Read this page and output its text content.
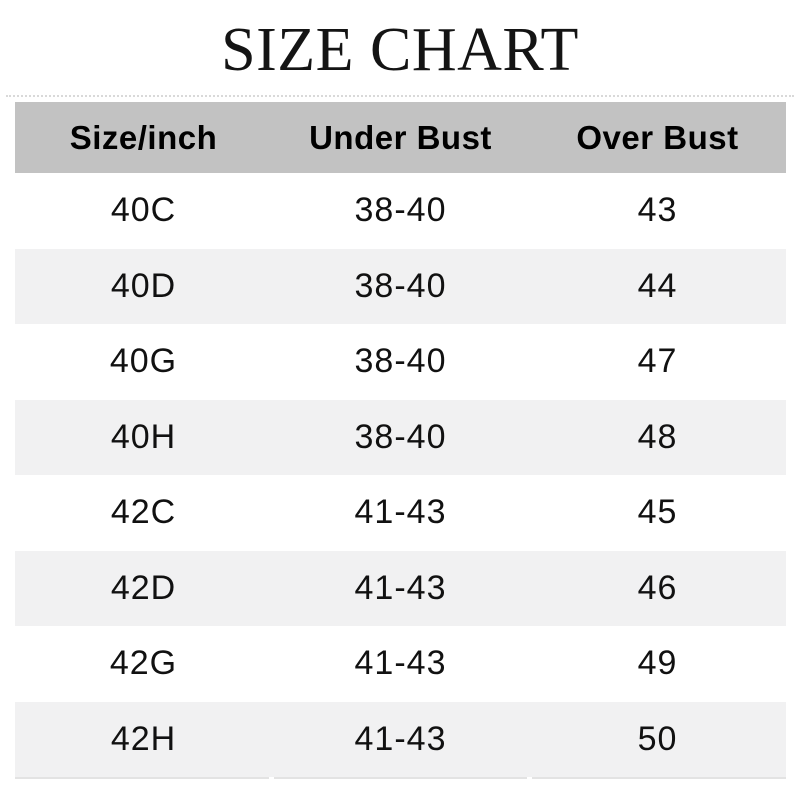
SIZE CHART
Size/inch	Under Bust	Over Bust
40C	38-40	43
40D	38-40	44
40G	38-40	47
40H	38-40	48
42C	41-43	45
42D	41-43	46
42G	41-43	49
42H	41-43	50
